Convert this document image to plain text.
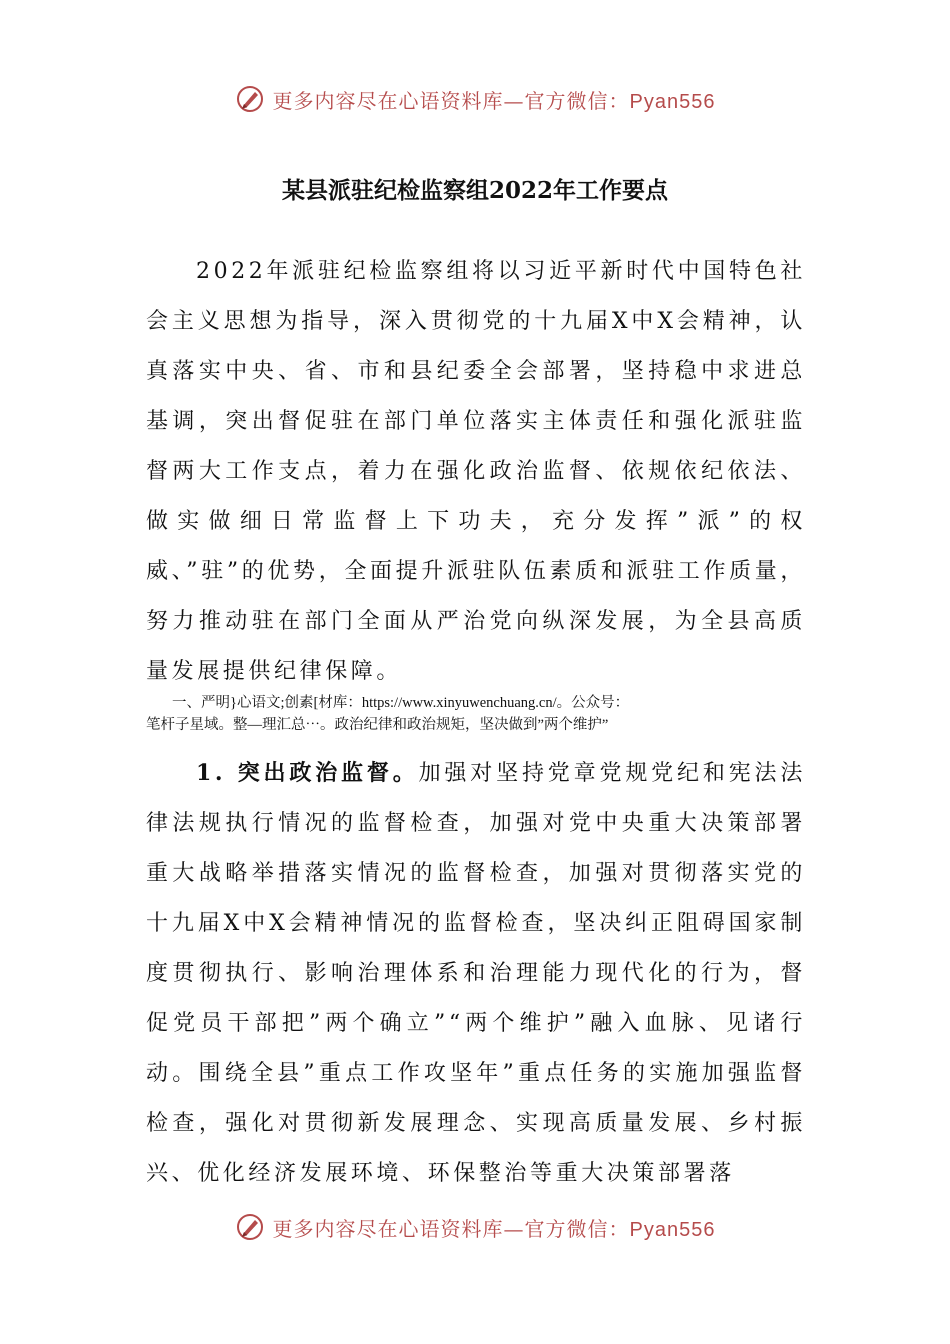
更多内容尽在心语资料库—官方微信：Pyan556
某县派驻纪检监察组2022年工作要点

2022年派驻纪检监察组将以习近平新时代中国特色社会主义思想为指导，深入贯彻党的十九届X中X会精神，认真落实中央、省、市和县纪委全会部署，坚持稳中求进总基调，突出督促驻在部门单位落实主体责任和强化派驻监督两大工作支点，着力在强化政治监督、依规依纪依法、做实做细日常监督上下功夫，充分发挥”派”的权威、”驻”的优势，全面提升派驻队伍素质和派驻工作质量，努力推动驻在部门全面从严治党向纵深发展，为全县高质量发展提供纪律保障。

一、严明}心语文;创素[材库：https://www.xinyuwenchuang.cn/。公众号：
笔杆子星域。整—理汇总⋯。政治纪律和政治规矩，坚决做到”两个维护”

1. 突出政治监督。加强对坚持党章党规党纪和宪法法律法规执行情况的监督检查，加强对党中央重大决策部署重大战略举措落实情况的监督检查，加强对贯彻落实党的十九届X中X会精神情况的监督检查，坚决纠正阻碍国家制度贯彻执行、影响治理体系和治理能力现代化的行为，督促党员干部把”两个确立”“两个维护”融入血脉、见诸行动。围绕全县”重点工作攻坚年”重点任务的实施加强监督检查，强化对贯彻新发展理念、实现高质量发展、乡村振兴、优化经济发展环境、环保整治等重大决策部署落

更多内容尽在心语资料库—官方微信：Pyan556
